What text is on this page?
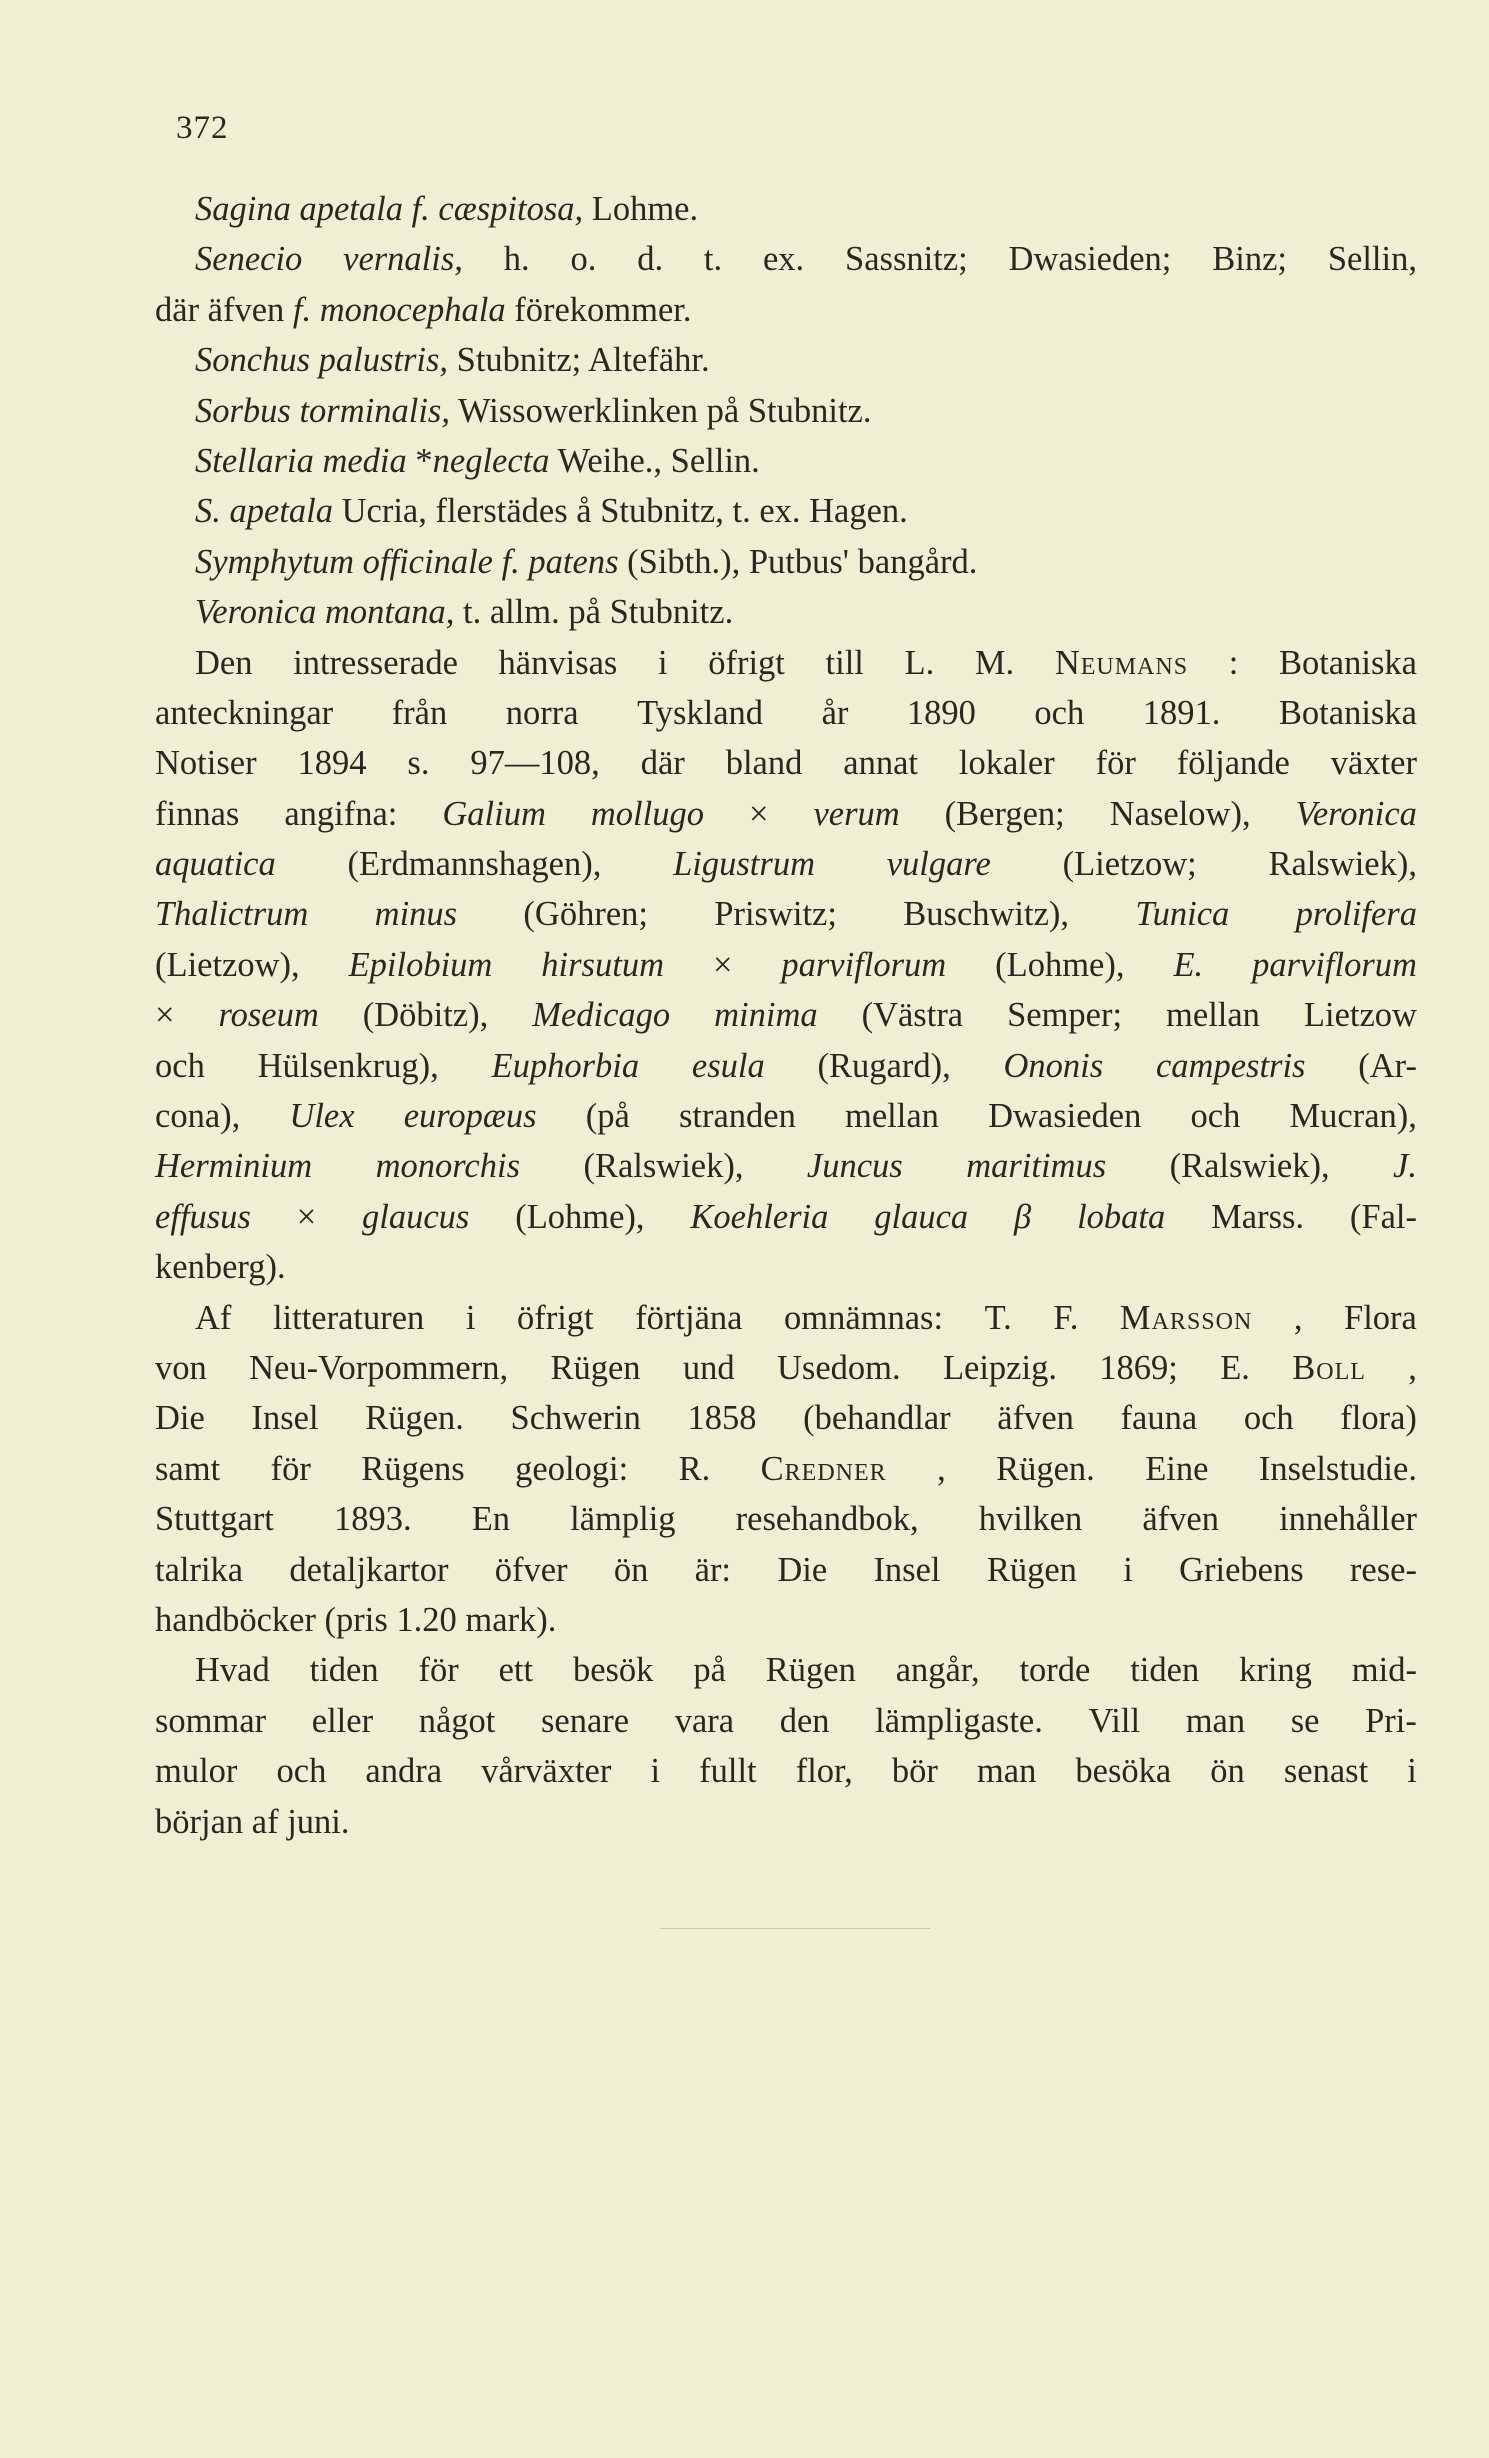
372
Sagina apetala f. cæspitosa, Lohme.
Senecio vernalis, h. o. d. t. ex. Sassnitz; Dwasieden; Binz; Sellin,
där äfven f. monocephala förekommer.
Sonchus palustris, Stubnitz; Altefähr.
Sorbus torminalis, Wissowerklinken på Stubnitz.
Stellaria media *neglecta Weihe., Sellin.
S. apetala Ucria, flerstädes å Stubnitz, t. ex. Hagen.
Symphytum officinale f. patens (Sibth.), Putbus' bangård.
Veronica montana, t. allm. på Stubnitz.
Den intresserade hänvisas i öfrigt till L. M. Neumans : Botaniska
anteckningar från norra Tyskland år 1890 och 1891. Botaniska
Notiser 1894 s. 97—108, där bland annat lokaler för följande växter
finnas angifna: Galium mollugo × verum (Bergen; Naselow), Veronica
aquatica (Erdmannshagen), Ligustrum vulgare (Lietzow; Ralswiek),
Thalictrum minus (Göhren; Priswitz; Buschwitz), Tunica prolifera
(Lietzow), Epilobium hirsutum × parviflorum (Lohme), E. parviflorum
× roseum (Döbitz), Medicago minima (Västra Semper; mellan Lietzow
och Hülsenkrug), Euphorbia esula (Rugard), Ononis campestris (Ar-
cona), Ulex europæus (på stranden mellan Dwasieden och Mucran),
Herminium monorchis (Ralswiek), Juncus maritimus (Ralswiek), J.
effusus × glaucus (Lohme), Koehleria glauca β lobata Marss. (Fal-
kenberg).
Af litteraturen i öfrigt förtjäna omnämnas: T. F. Marsson , Flora
von Neu-Vorpommern, Rügen und Usedom. Leipzig. 1869; E. Boll ,
Die Insel Rügen. Schwerin 1858 (behandlar äfven fauna och flora)
samt för Rügens geologi: R. Credner , Rügen. Eine Inselstudie.
Stuttgart 1893. En lämplig resehandbok, hvilken äfven innehåller
talrika detaljkartor öfver ön är: Die Insel Rügen i Griebens rese-
handböcker (pris 1.20 mark).
Hvad tiden för ett besök på Rügen angår, torde tiden kring mid-
sommar eller något senare vara den lämpligaste. Vill man se Pri-
mulor och andra vårväxter i fullt flor, bör man besöka ön senast i
början af juni.
